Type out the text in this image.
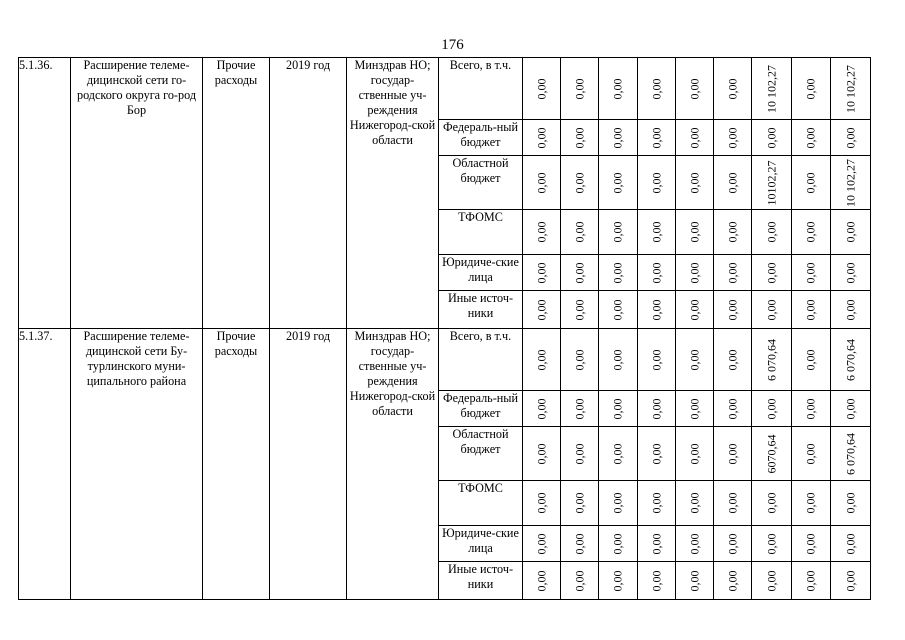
176
5.1.36.	Расширение телеме-дицинской сети го-родского округа го-род Бор	Прочие расходы	2019 год	Минздрав НО; государ-ственные уч-реждения Нижегород-ской области	Всего, в т.ч.	0,00	0,00	0,00	0,00	0,00	0,00	10 102,27	0,00	10 102,27

					Федераль-ный бюджет	0,00	0,00	0,00	0,00	0,00	0,00	0,00	0,00	0,00

					Областной бюджет	0,00	0,00	0,00	0,00	0,00	0,00	10102,27	0,00	10 102,27

					ТФОМС	0,00	0,00	0,00	0,00	0,00	0,00	0,00	0,00	0,00

					Юридиче-ские лица	0,00	0,00	0,00	0,00	0,00	0,00	0,00	0,00	0,00

					Иные источ-ники	0,00	0,00	0,00	0,00	0,00	0,00	0,00	0,00	0,00

5.1.37.	Расширение телеме-дицинской сети Бу-турлинского муни-ципального района	Прочие расходы	2019 год	Минздрав НО; государ-ственные уч-реждения Нижегород-ской области	Всего, в т.ч.	0,00	0,00	0,00	0,00	0,00	0,00	6 070,64	0,00	6 070,64

					Федераль-ный бюджет	0,00	0,00	0,00	0,00	0,00	0,00	0,00	0,00	0,00

					Областной бюджет	0,00	0,00	0,00	0,00	0,00	0,00	6070,64	0,00	6 070,64

					ТФОМС	0,00	0,00	0,00	0,00	0,00	0,00	0,00	0,00	0,00

					Юридиче-ские лица	0,00	0,00	0,00	0,00	0,00	0,00	0,00	0,00	0,00

					Иные источ-ники	0,00	0,00	0,00	0,00	0,00	0,00	0,00	0,00	0,00
